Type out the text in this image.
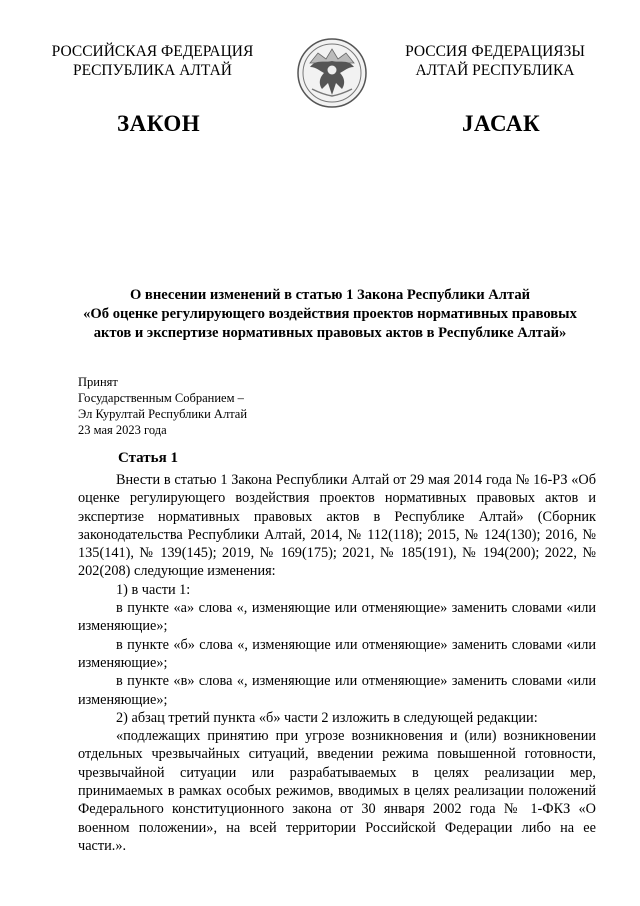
РОССИЙСКАЯ ФЕДЕРАЦИЯ
РЕСПУБЛИКА АЛТАЙ
РОССИЯ ФЕДЕРАЦИЯЗЫ
АЛТАЙ РЕСПУБЛИКА
ЗАКОН	JАСАК
О внесении изменений в статью 1 Закона Республики Алтай
«Об оценке регулирующего воздействия проектов нормативных правовых
актов и экспертизе нормативных правовых актов в Республике Алтай»
Принят
Государственным Собранием –
Эл Курултай Республики Алтай
23 мая 2023 года
Статья 1

Внести в статью 1 Закона Республики Алтай от 29 мая 2014 года № 16-РЗ «Об оценке регулирующего воздействия проектов нормативных правовых актов и экспертизе нормативных правовых актов в Республике Алтай» (Сборник законодательства Республики Алтай, 2014, № 112(118); 2015, № 124(130); 2016, № 135(141), № 139(145); 2019, № 169(175); 2021, № 185(191), № 194(200); 2022, № 202(208) следующие изменения:

1) в части 1:

в пункте «а» слова «, изменяющие или отменяющие» заменить словами «или изменяющие»;

в пункте «б» слова «, изменяющие или отменяющие» заменить словами «или изменяющие»;

в пункте «в» слова «, изменяющие или отменяющие» заменить словами «или изменяющие»;

2) абзац третий пункта «б» части 2 изложить в следующей редакции:

«подлежащих принятию при угрозе возникновения и (или) возникновении отдельных чрезвычайных ситуаций, введении режима повышенной готовности, чрезвычайной ситуации или разрабатываемых в целях реализации мер, принимаемых в рамках особых режимов, вводимых в целях реализации положений Федерального конституционного закона от 30 января 2002 года № 1-ФКЗ «О военном положении», на всей территории Российской Федерации либо на ее части.».
